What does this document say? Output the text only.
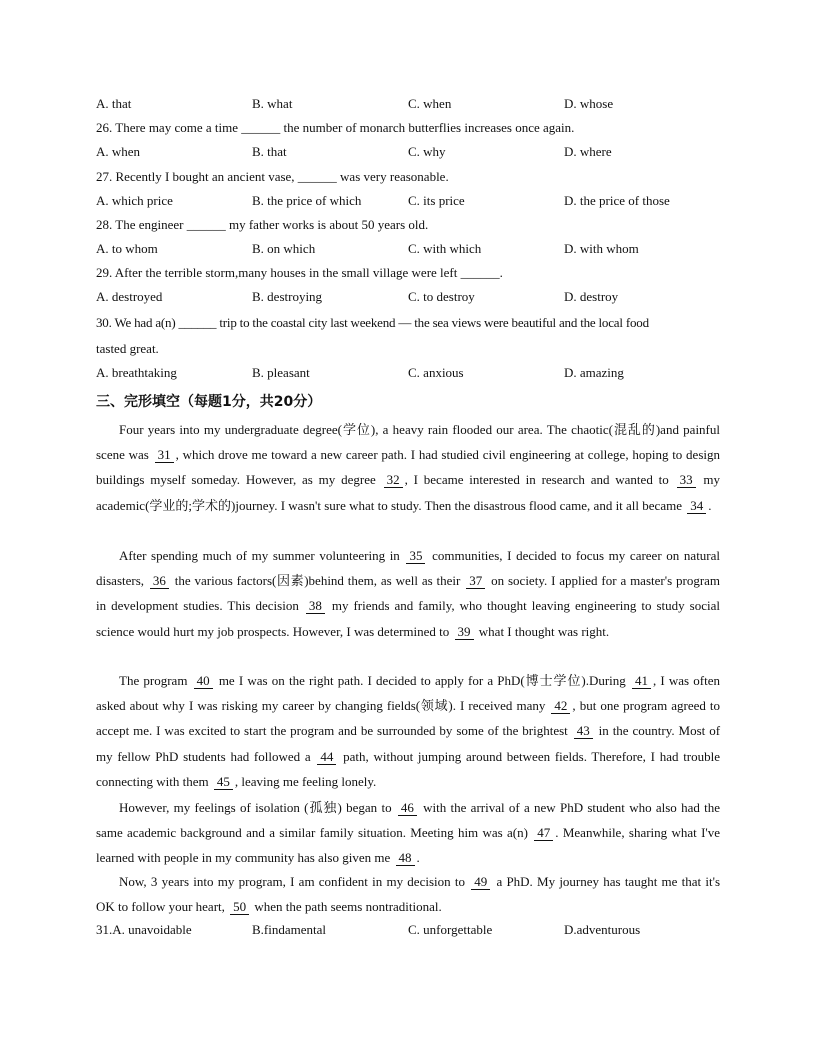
A. that	B. what	C. when	D. whose
26. There may come a time ______ the number of monarch butterflies increases once again.
A. when	B. that	C. why	D. where
27. Recently I bought an ancient vase, ______ was very reasonable.
A. which price	B. the price of which	C. its price	D. the price of those
28. The engineer ______ my father works is about 50 years old.
A. to whom	B. on which	C. with which	D. with whom
29. After the terrible storm,many houses in the small village were left ______.
A. destroyed	B. destroying	C. to destroy	D. destroy
30. We had a(n) ______ trip to the coastal city last weekend — the sea views were beautiful and the local food
tasted great.
A. breathtaking	B. pleasant	C. anxious	D. amazing
三、完形填空（每题1分，共20分）
Four years into my undergraduate degree(学位), a heavy rain flooded our area. The chaotic(混乱的)and painful scene was 31 , which drove me toward a new career path. I had studied civil engineering at college, hoping to design buildings myself someday. However, as my degree 32 , I became interested in research and wanted to 33 my academic(学业的;学术的)journey. I wasn't sure what to study. Then the disastrous flood came, and it all became 34 .
After spending much of my summer volunteering in 35 communities, I decided to focus my career on natural disasters, 36 the various factors(因素)behind them, as well as their 37 on society. I applied for a master's program in development studies. This decision 38 my friends and family, who thought leaving engineering to study social science would hurt my job prospects. However, I was determined to 39 what I thought was right.
The program 40 me I was on the right path. I decided to apply for a PhD(博士学位).During 41 , I was often asked about why I was risking my career by changing fields(领域). I received many 42 , but one program agreed to accept me. I was excited to start the program and be surrounded by some of the brightest 43 in the country. Most of my fellow PhD students had followed a 44 path, without jumping around between fields. Therefore, I had trouble connecting with them 45 , leaving me feeling lonely.
However, my feelings of isolation (孤独) began to 46 with the arrival of a new PhD student who also had the same academic background and a similar family situation. Meeting him was a(n) 47 . Meanwhile, sharing what I've learned with people in my community has also given me 48 .
Now, 3 years into my program, I am confident in my decision to 49 a PhD. My journey has taught me that it's OK to follow your heart, 50 when the path seems nontraditional.
31.A. unavoidable	B.findamental	C. unforgettable	D.adventurous
